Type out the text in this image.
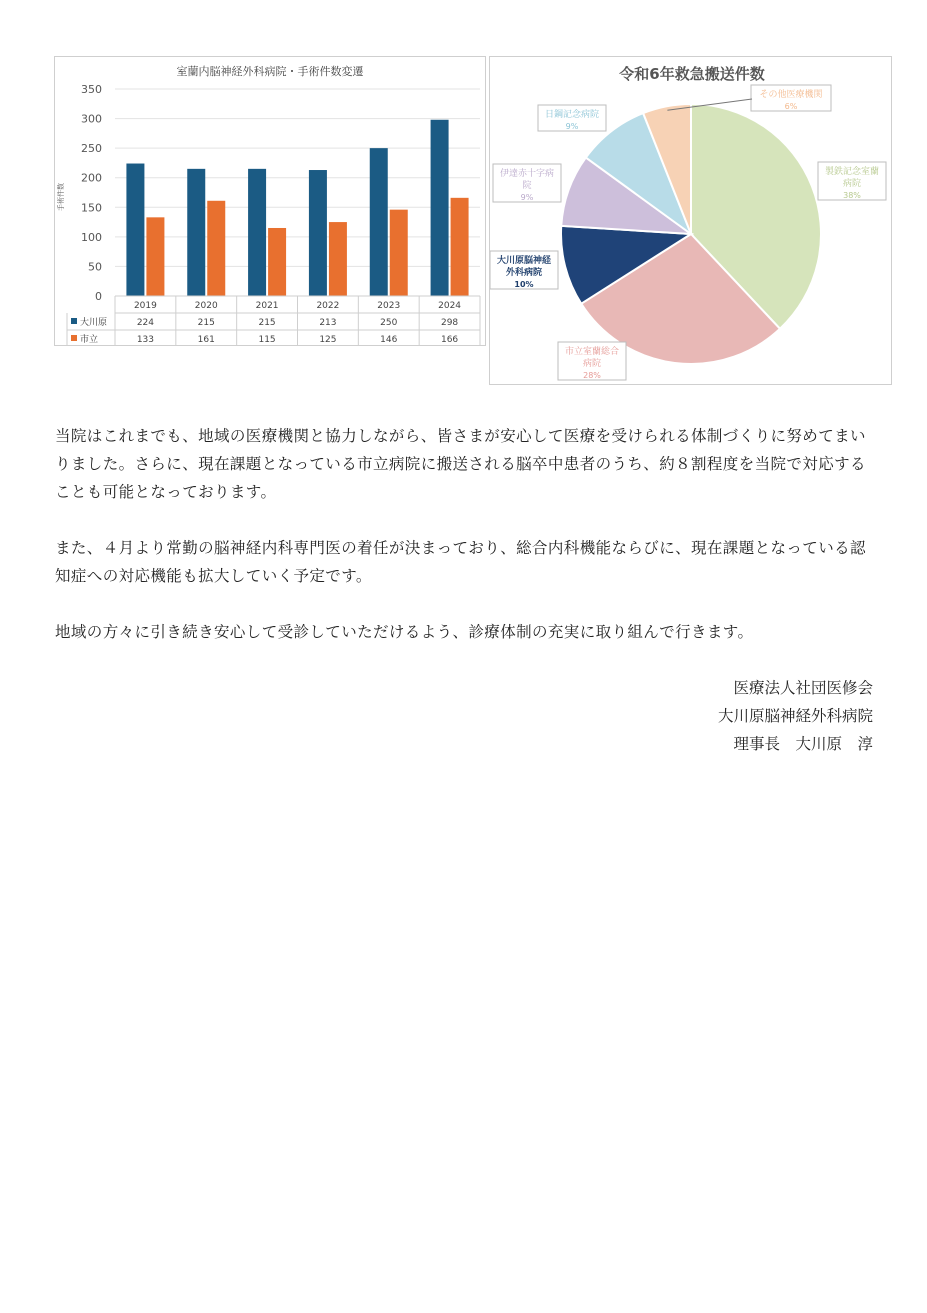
室蘭内脳神経外科病院・手術件数変遷
0
50
100
150
200
250
300
350
手術件数
2019
224
133
2020
215
161
2021
215
115
2022
213
125
2023
250
146
2024
298
166
大川原
市立
令和6年救急搬送件数
製鉄記念室蘭
病院
38%
市立室蘭総合
病院
28%
大川原脳神経
外科病院
10%
伊達赤十字病
院
9%
日鋼記念病院
9%
その他医療機関
6%

当院はこれまでも、地域の医療機関と協力しながら、皆さまが安心して医療を受けられる体制づくりに努めてまいりました。さらに、現在課題となっている市立病院に搬送される脳卒中患者のうち、約８割程度を当院で対応することも可能となっております。

また、４月より常勤の脳神経内科専門医の着任が決まっており、総合内科機能ならびに、現在課題となっている認知症への対応機能も拡大していく予定です。

地域の方々に引き続き安心して受診していただけるよう、診療体制の充実に取り組んで行きます。

医療法人社団医修会

大川原脳神経外科病院

理事長　大川原　淳
